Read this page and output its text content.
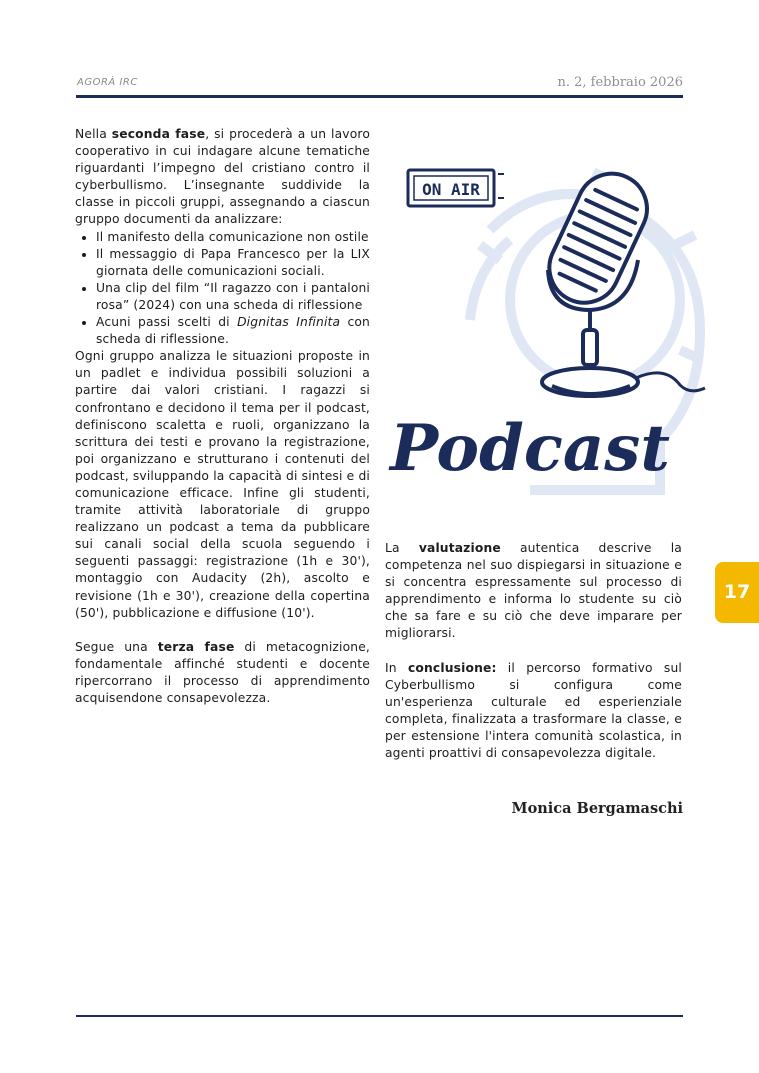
AGORÀ IRC	n. 2, febbraio 2026

Nella seconda fase, si procederà a un lavoro cooperativo in cui indagare alcune tematiche riguardanti l’impegno del cristiano contro il cyberbullismo. L’insegnante suddivide la classe in piccoli gruppi, assegnando a ciascun gruppo documenti da analizzare:

• Il manifesto della comunicazione non ostile
• Il messaggio di Papa Francesco per la LIX giornata delle comunicazioni sociali.
• Una clip del film “Il ragazzo con i pantaloni rosa” (2024) con una scheda di riflessione
• Acuni passi scelti di Dignitas Infinita con scheda di riflessione.

Ogni gruppo analizza le situazioni proposte in un padlet e individua possibili soluzioni a partire dai valori cristiani. I ragazzi si confrontano e decidono il tema per il podcast, definiscono scaletta e ruoli, organizzano la scrittura dei testi e provano la registrazione, poi organizzano e strutturano i contenuti del podcast, sviluppando la capacità di sintesi e di comunicazione efficace. Infine gli studenti, tramite attività laboratoriale di gruppo realizzano un podcast a tema da pubblicare sui canali social della scuola seguendo i seguenti passaggi: registrazione (1h e 30'), montaggio con Audacity (2h), ascolto e revisione (1h e 30'), creazione della copertina (50'), pubblicazione e diffusione (10').

Segue una terza fase di metacognizione, fondamentale affinché studenti e docente ripercorrano il processo di apprendimento acquisendone consapevolezza.

ON AIR
Podcast

La valutazione autentica descrive la competenza nel suo dispiegarsi in situazione e si concentra espressamente sul processo di apprendimento e informa lo studente su ciò che sa fare e su ciò che deve imparare per migliorarsi.

In conclusione: il percorso formativo sul Cyberbullismo si configura come un'esperienza culturale ed esperienziale completa, finalizzata a trasformare la classe, e per estensione l'intera comunità scolastica, in agenti proattivi di consapevolezza digitale.

Monica Bergamaschi
17
